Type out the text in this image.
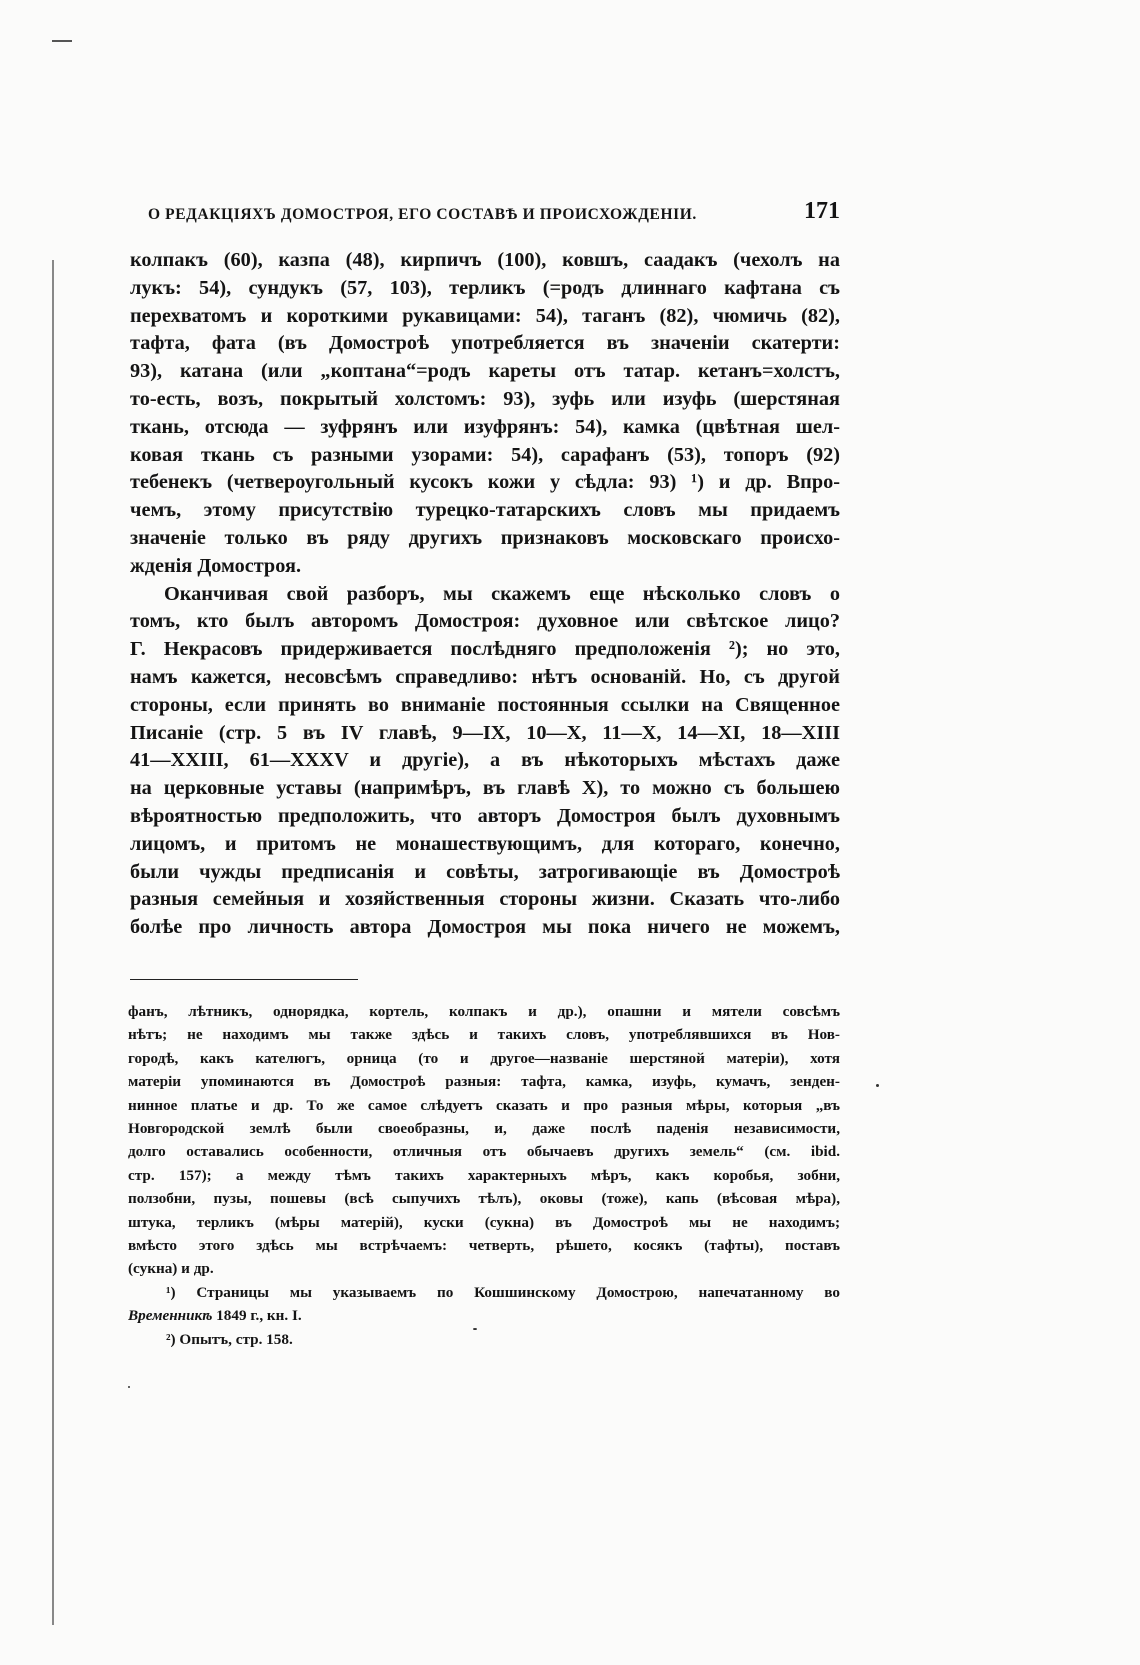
О РЕДАКЦІЯХЪ ДОМОСТРОЯ, ЕГО СОСТАВѢ И ПРОИСХОЖДЕНІИ.	171
колпакъ (60), казпа (48), кирпичъ (100), ковшъ, саадакъ (чехолъ на
лукъ: 54), сундукъ (57, 103), терликъ (=родъ длиннаго кафтана съ
перехватомъ и короткими рукавицами: 54), таганъ (82), чюмичь (82),
тафта, фата (въ Домостроѣ употребляется въ значеніи скатерти:
93), катана (или „коптана“=родъ кареты отъ татар. кетанъ=холстъ,
то-есть, возъ, покрытый холстомъ: 93), зуфь или изуфь (шерстяная
ткань, отсюда — зуфрянъ или изуфрянъ: 54), камка (цвѣтная шел-
ковая ткань съ разными узорами: 54), сарафанъ (53), топоръ (92)
тебенекъ (четвероугольный кусокъ кожи у сѣдла: 93) ¹) и др. Впро-
чемъ, этому присутствію турецко-татарскихъ словъ мы придаемъ
значеніе только въ ряду другихъ признаковъ московскаго происхо-
жденія Домостроя.
Оканчивая свой разборъ, мы скажемъ еще нѣсколько словъ о
томъ, кто былъ авторомъ Домостроя: духовное или свѣтское лицо?
Г. Некрасовъ придерживается послѣдняго предположенія ²); но это,
намъ кажется, несовсѣмъ справедливо: нѣтъ основаній. Но, съ другой
стороны, если принять во вниманіе постоянныя ссылки на Священное
Писаніе (стр. 5 въ IV главѣ, 9—IX, 10—X, 11—X, 14—XI, 18—XIII
41—XXIII, 61—XXXV и другіе), а въ нѣкоторыхъ мѣстахъ даже
на церковные уставы (напримѣръ, въ главѣ X), то можно съ большею
вѣроятностью предположить, что авторъ Домостроя былъ духовнымъ
лицомъ, и притомъ не монашествующимъ, для котораго, конечно,
были чужды предписанія и совѣты, затрогивающіе въ Домостроѣ
разныя семейныя и хозяйственныя стороны жизни. Сказать что-либо
болѣе про личность автора Домостроя мы пока ничего не можемъ,
фанъ, лѣтникъ, однорядка, кортель, колпакъ и др.), опашни и мятели совсѣмъ
нѣтъ; не находимъ мы также здѣсь и такихъ словъ, употреблявшихся въ Нов-
городѣ, какъ кателюгъ, орница (то и другое—названіе шерстяной матеріи), хотя
матеріи упоминаются въ Домостроѣ разныя: тафта, камка, изуфь, кумачъ, зенден-
нинное платье и др. То же самое слѣдуетъ сказать и про разныя мѣры, которыя „въ
Новгородской землѣ были своеобразны, и, даже послѣ паденія независимости,
долго оставались особенности, отличныя отъ обычаевъ другихъ земель“ (см. ibid.
стр. 157); а между тѣмъ такихъ характерныхъ мѣръ, какъ коробья, зобни,
ползобни, пузы, пошевы (всѣ сыпучихъ тѣлъ), оковы (тоже), капь (вѣсовая мѣра),
штука, терликъ (мѣры матерій), куски (сукна) въ Домостроѣ мы не находимъ;
вмѣсто этого здѣсь мы встрѣчаемъ: четверть, рѣшето, косякъ (тафты), поставъ
(сукна) и др.
¹) Страницы мы указываемъ по Кошшинскому Домострою, напечатанному во
Временникѣ 1849 г., кн. I.
²) Опытъ, стр. 158.
